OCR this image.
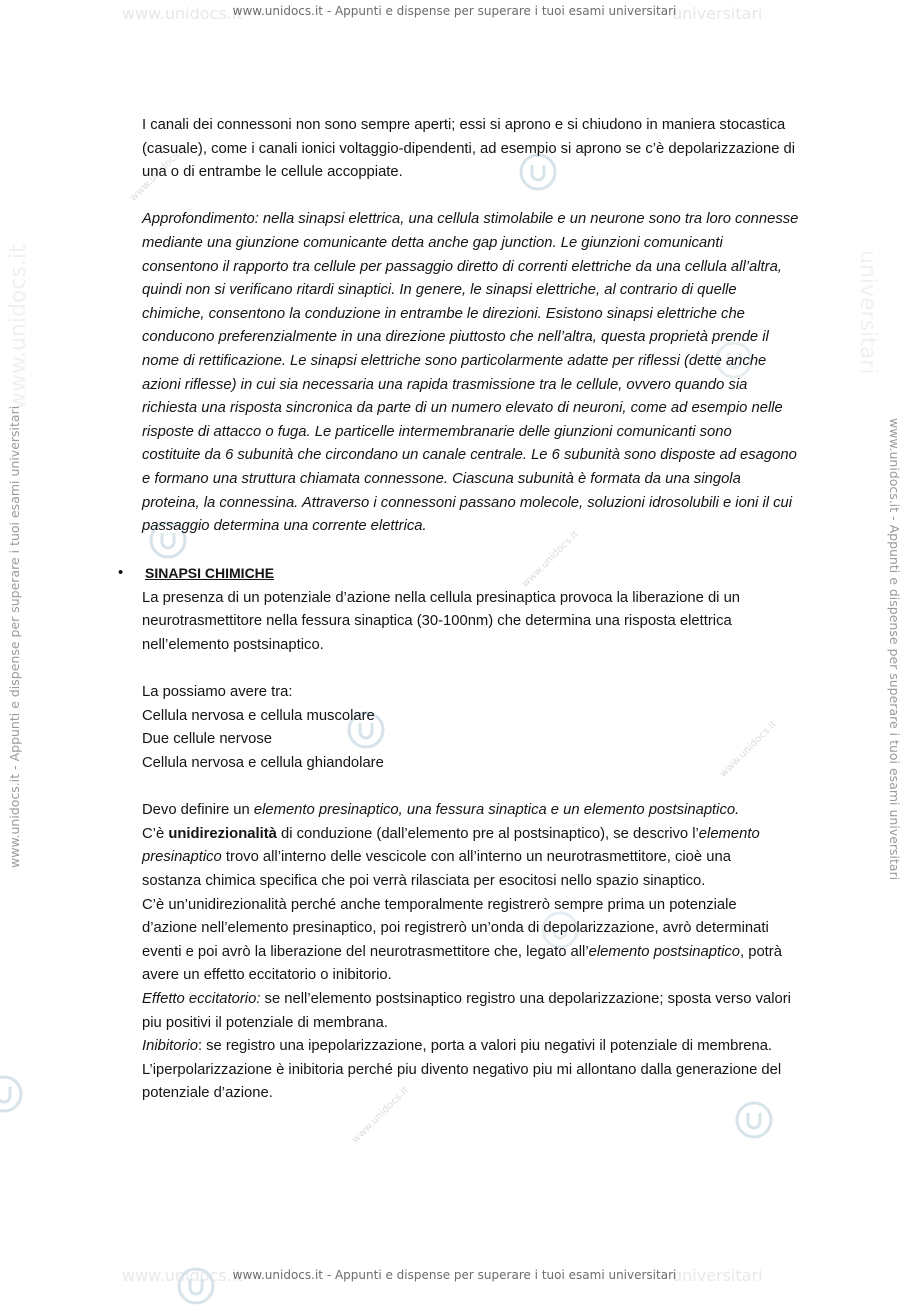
www.unidocs.it	universitari
www.unidocs.it	universitari
www.unidocs.it - Appunti e dispense per superare i tuoi esami universitari
www.unidocs.it - Appunti e dispense per superare i tuoi esami universitari
www.unidocs.it	universitari
www.unidocs.it - Appunti e dispense per superare i tuoi esami universitari	www.unidocs.it - Appunti e dispense per superare i tuoi esami universitari
www.unidocs.it
www.unidocs.it
www.unidocs.it
www.unidocs.it

I canali dei connessoni non sono sempre aperti; essi si aprono e si chiudono in maniera stocastica
(casuale), come i canali ionici voltaggio-dipendenti, ad esempio si aprono se c’è depolarizzazione di
una o di entrambe le cellule accoppiate.

Approfondimento: nella sinapsi elettrica, una cellula stimolabile e un neurone sono tra loro connesse
mediante una giunzione comunicante detta anche gap junction. Le giunzioni comunicanti
consentono il rapporto tra cellule per passaggio diretto di correnti elettriche da una cellula all’altra,
quindi non si verificano ritardi sinaptici. In genere, le sinapsi elettriche, al contrario di quelle
chimiche, consentono la conduzione in entrambe le direzioni. Esistono sinapsi elettriche che
conducono preferenzialmente in una direzione piuttosto che nell’altra, questa proprietà prende il
nome di rettificazione. Le sinapsi elettriche sono particolarmente adatte per riflessi (dette anche
azioni riflesse) in cui sia necessaria una rapida trasmissione tra le cellule, ovvero quando sia
richiesta una risposta sincronica da parte di un numero elevato di neuroni, come ad esempio nelle
risposte di attacco o fuga. Le particelle intermembranarie delle giunzioni comunicanti sono
costituite da 6 subunità che circondano un canale centrale. Le 6 subunità sono disposte ad esagono
e formano una struttura chiamata connessone. Ciascuna subunità è formata da una singola
proteina, la connessina. Attraverso i connessoni passano molecole, soluzioni idrosolubili e ioni il cui
passaggio determina una corrente elettrica.

• SINAPSI CHIMICHE

La presenza di un potenziale d’azione nella cellula presinaptica provoca la liberazione di un
neurotrasmettitore nella fessura sinaptica (30-100nm) che determina una risposta elettrica
nell’elemento postsinaptico.

La possiamo avere tra:
Cellula nervosa e cellula muscolare
Due cellule nervose
Cellula nervosa e cellula ghiandolare

Devo definire un elemento presinaptico, una fessura sinaptica e un elemento postsinaptico.
C’è unidirezionalità di conduzione (dall’elemento pre al postsinaptico), se descrivo l’elemento
presinaptico trovo all’interno delle vescicole con all’interno un neurotrasmettitore, cioè una
sostanza chimica specifica che poi verrà rilasciata per esocitosi nello spazio sinaptico.
C’è un’unidirezionalità perché anche temporalmente registrerò sempre prima un potenziale
d’azione nell’elemento presinaptico, poi registrerò un’onda di depolarizzazione, avrò determinati
eventi e poi avrò la liberazione del neurotrasmettitore che, legato all’elemento postsinaptico, potrà
avere un effetto eccitatorio o inibitorio.
Effetto eccitatorio: se nell’elemento postsinaptico registro una depolarizzazione; sposta verso valori
piu positivi il potenziale di membrana.
Inibitorio: se registro una ipepolarizzazione, porta a valori piu negativi il potenziale di membrena.
L’iperpolarizzazione è inibitoria perché piu divento negativo piu mi allontano dalla generazione del
potenziale d’azione.
